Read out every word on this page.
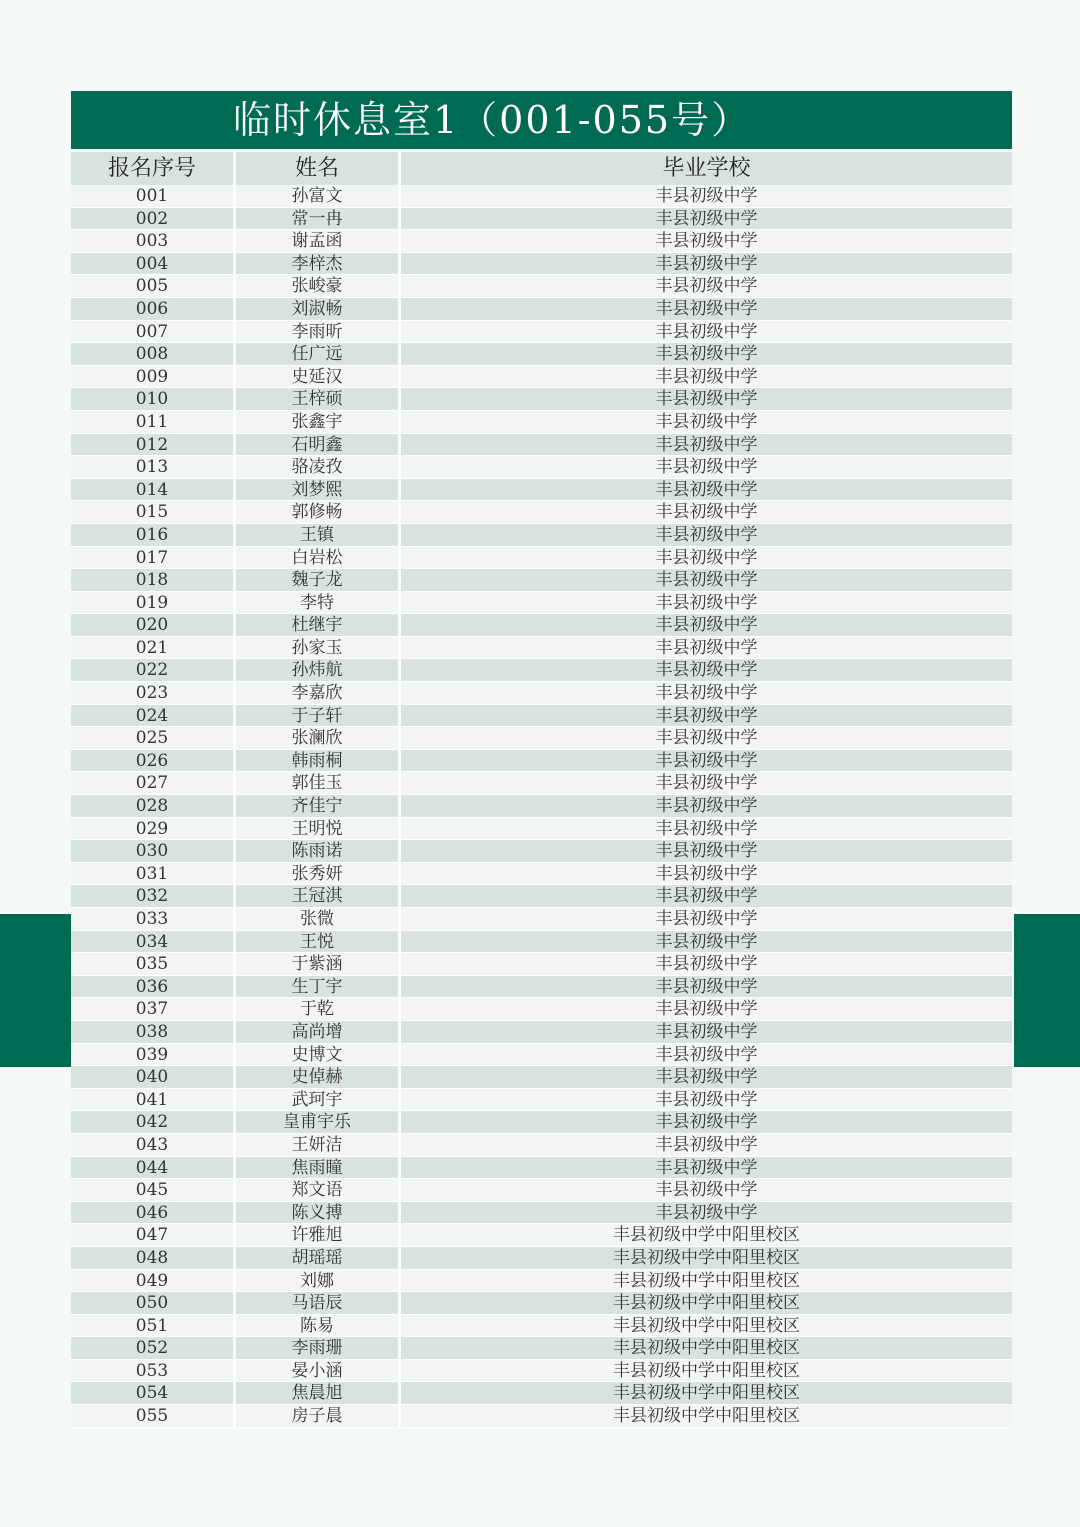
临时休息室1（001-055号）
报名序号	姓名	毕业学校
001	孙富文	丰县初级中学
002	常一冉	丰县初级中学
003	谢孟函	丰县初级中学
004	李梓杰	丰县初级中学
005	张峻豪	丰县初级中学
006	刘淑畅	丰县初级中学
007	李雨昕	丰县初级中学
008	任广远	丰县初级中学
009	史延汉	丰县初级中学
010	王梓硕	丰县初级中学
011	张鑫宇	丰县初级中学
012	石明鑫	丰县初级中学
013	骆凌孜	丰县初级中学
014	刘梦熙	丰县初级中学
015	郭修畅	丰县初级中学
016	王镇	丰县初级中学
017	白岩松	丰县初级中学
018	魏子龙	丰县初级中学
019	李特	丰县初级中学
020	杜继宇	丰县初级中学
021	孙家玉	丰县初级中学
022	孙炜航	丰县初级中学
023	李嘉欣	丰县初级中学
024	于子轩	丰县初级中学
025	张澜欣	丰县初级中学
026	韩雨桐	丰县初级中学
027	郭佳玉	丰县初级中学
028	齐佳宁	丰县初级中学
029	王明悦	丰县初级中学
030	陈雨诺	丰县初级中学
031	张秀妍	丰县初级中学
032	王冠淇	丰县初级中学
033	张微	丰县初级中学
034	王悦	丰县初级中学
035	于紫涵	丰县初级中学
036	生丁宇	丰县初级中学
037	于乾	丰县初级中学
038	高尚增	丰县初级中学
039	史博文	丰县初级中学
040	史倬赫	丰县初级中学
041	武珂宇	丰县初级中学
042	皇甫宇乐	丰县初级中学
043	王妍洁	丰县初级中学
044	焦雨瞳	丰县初级中学
045	郑文语	丰县初级中学
046	陈义搏	丰县初级中学
047	许雅旭	丰县初级中学中阳里校区
048	胡瑶瑶	丰县初级中学中阳里校区
049	刘娜	丰县初级中学中阳里校区
050	马语辰	丰县初级中学中阳里校区
051	陈易	丰县初级中学中阳里校区
052	李雨珊	丰县初级中学中阳里校区
053	晏小涵	丰县初级中学中阳里校区
054	焦晨旭	丰县初级中学中阳里校区
055	房子晨	丰县初级中学中阳里校区
